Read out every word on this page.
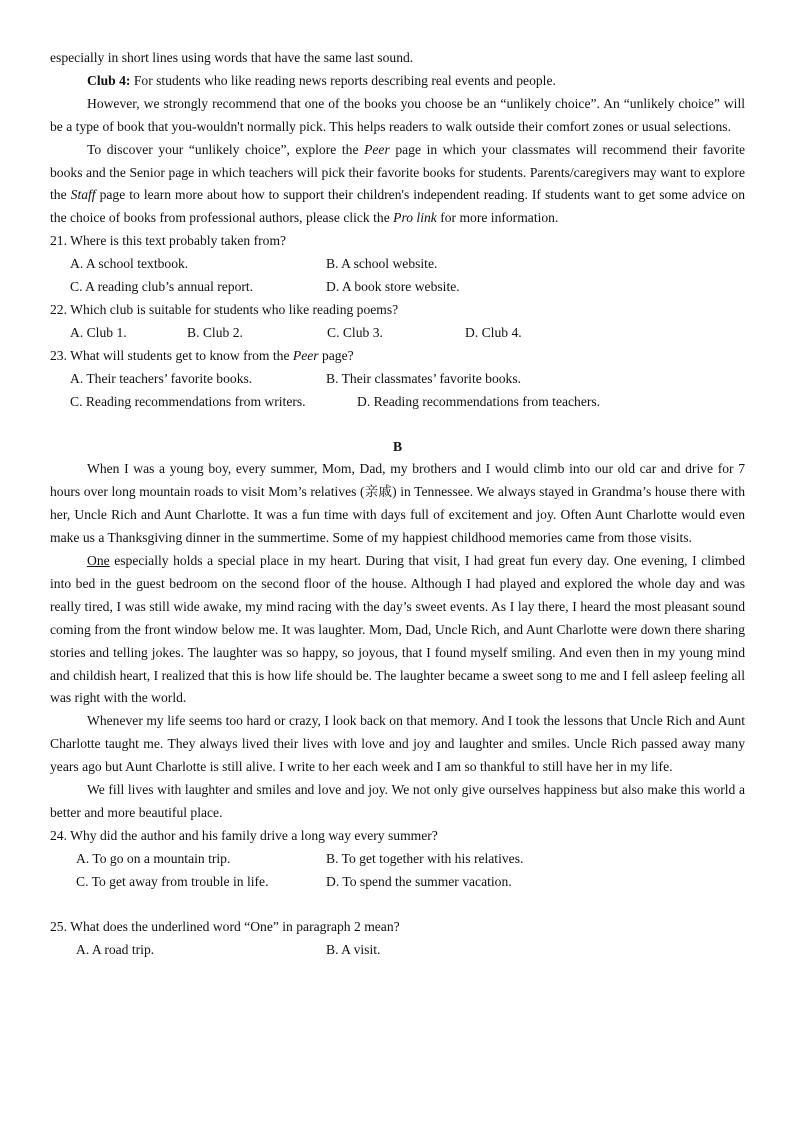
especially in short lines using words that have the same last sound.

Club 4: For students who like reading news reports describing real events and people.

However, we strongly recommend that one of the books you choose be an “unlikely choice”. An “unlikely choice” will be a type of book that you-wouldn't normally pick. This helps readers to walk outside their comfort zones or usual selections.

To discover your “unlikely choice”, explore the Peer page in which your classmates will recommend their favorite books and the Senior page in which teachers will pick their favorite books for students. Parents/caregivers may want to explore the Staff page to learn more about how to support their children's independent reading. If students want to get some advice on the choice of books from professional authors, please click the Pro link for more information.

21. Where is this text probably taken from?
A. A school textbook.	B. A school website.
C. A reading club’s annual report.	D. A book store website.
22. Which club is suitable for students who like reading poems?
A. Club 1.	B. Club 2.	C. Club 3.	D. Club 4.
23. What will students get to know from the Peer page?
A. Their teachers’ favorite books.	B. Their classmates’ favorite books.
C. Reading recommendations from writers.	D. Reading recommendations from teachers.
B

When I was a young boy, every summer, Mom, Dad, my brothers and I would climb into our old car and drive for 7 hours over long mountain roads to visit Mom’s relatives (亲戚) in Tennessee. We always stayed in Grandma’s house there with her, Uncle Rich and Aunt Charlotte. It was a fun time with days full of excitement and joy. Often Aunt Charlotte would even make us a Thanksgiving dinner in the summertime. Some of my happiest childhood memories came from those visits.

One especially holds a special place in my heart. During that visit, I had great fun every day. One evening, I climbed into bed in the guest bedroom on the second floor of the house. Although I had played and explored the whole day and was really tired, I was still wide awake, my mind racing with the day’s sweet events. As I lay there, I heard the most pleasant sound coming from the front window below me. It was laughter. Mom, Dad, Uncle Rich, and Aunt Charlotte were down there sharing stories and telling jokes. The laughter was so happy, so joyous, that I found myself smiling. And even then in my young mind and childish heart, I realized that this is how life should be. The laughter became a sweet song to me and I fell asleep feeling all was right with the world.

Whenever my life seems too hard or crazy, I look back on that memory. And I took the lessons that Uncle Rich and Aunt Charlotte taught me. They always lived their lives with love and joy and laughter and smiles. Uncle Rich passed away many years ago but Aunt Charlotte is still alive. I write to her each week and I am so thankful to still have her in my life.

We fill lives with laughter and smiles and love and joy. We not only give ourselves happiness but also make this world a better and more beautiful place.

24. Why did the author and his family drive a long way every summer?
A. To go on a mountain trip.	B. To get together with his relatives.
C. To get away from trouble in life.	D. To spend the summer vacation.
25. What does the underlined word “One” in paragraph 2 mean?
A. A road trip.	B. A visit.
